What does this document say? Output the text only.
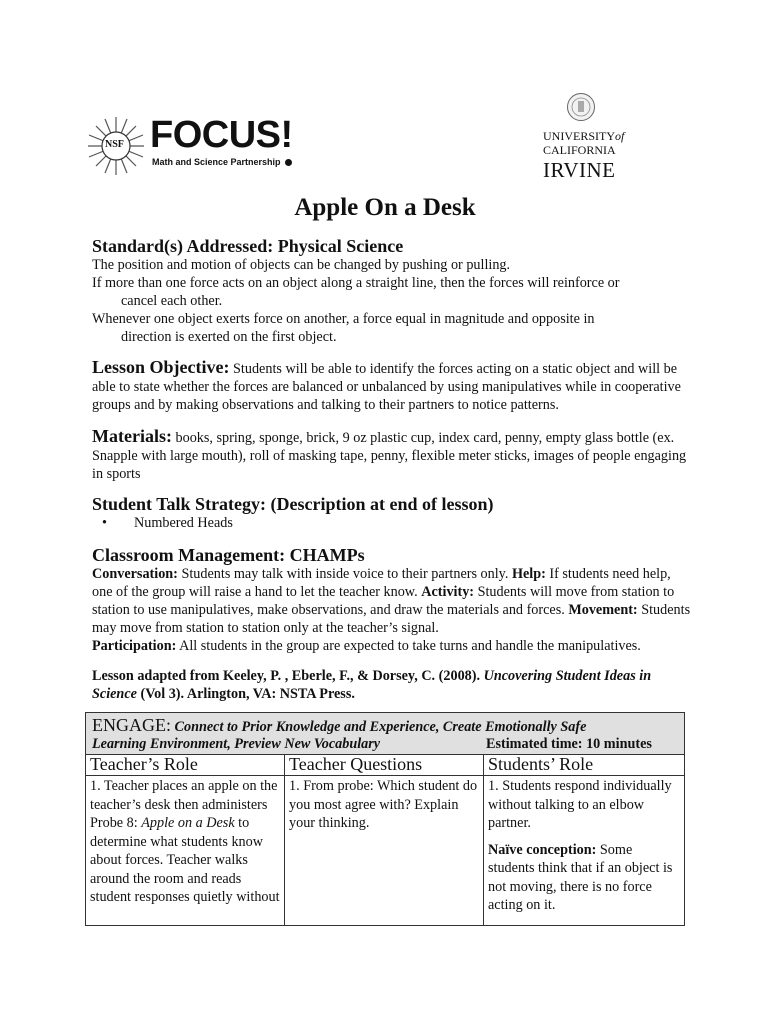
NSF FOCUS!
Math and Science Partnership
UNIVERSITYof
CALIFORNIA
IRVINE
Apple On a Desk
Standard(s) Addressed: Physical Science
The position and motion of objects can be changed by pushing or pulling.
If more than one force acts on an object along a straight line, then the forces will reinforce or
cancel each other.
Whenever one object exerts force on another, a force equal in magnitude and opposite in
direction is exerted on the first object.
Lesson Objective: Students will be able to identify the forces acting on a static object and will be able to state whether the forces are balanced or unbalanced by using manipulatives while in cooperative groups and by making observations and talking to their partners to notice patterns.
Materials: books, spring, sponge, brick, 9 oz plastic cup, index card, penny, empty glass bottle (ex. Snapple with large mouth), roll of masking tape, penny, flexible meter sticks, images of people engaging in sports
Student Talk Strategy: (Description at end of lesson)
• Numbered Heads
Classroom Management: CHAMPs
Conversation: Students may talk with inside voice to their partners only. Help: If students need help, one of the group will raise a hand to let the teacher know. Activity: Students will move from station to station to use manipulatives, make observations, and draw the materials and forces. Movement: Students may move from station to station only at the teacher’s signal.
Participation: All students in the group are expected to take turns and handle the manipulatives.
Lesson adapted from Keeley, P. , Eberle, F., & Dorsey, C. (2008). Uncovering Student Ideas in Science (Vol 3). Arlington, VA: NSTA Press.
ENGAGE: Connect to Prior Knowledge and Experience, Create Emotionally Safe
Learning Environment, Preview New Vocabulary	Estimated time: 10 minutes
Teacher’s Role	Teacher Questions	Students’ Role
1. Teacher places an apple on the teacher’s desk then administers Probe 8: Apple on a Desk to determine what students know about forces. Teacher walks around the room and reads student responses quietly without	1. From probe: Which student do you most agree with? Explain your thinking.	1. Students respond individually without talking to an elbow partner.
Naïve conception: Some students think that if an object is not moving, there is no force acting on it.
